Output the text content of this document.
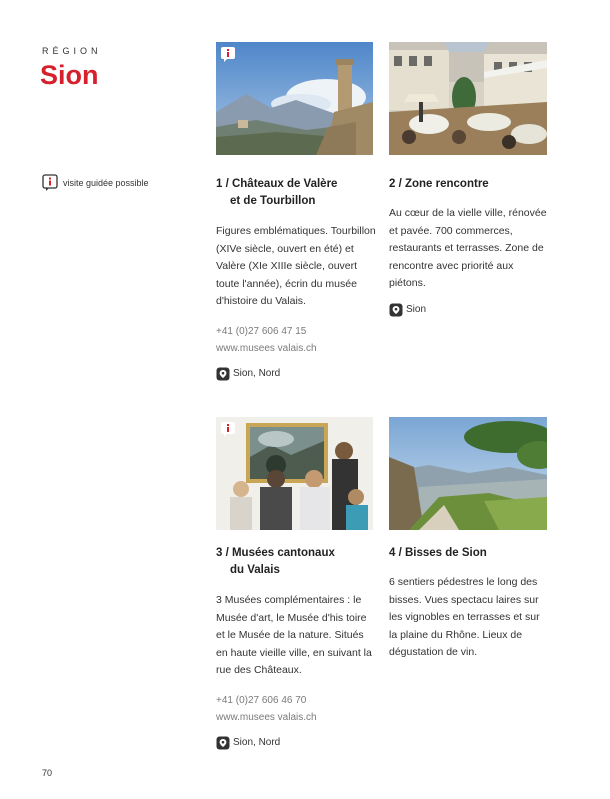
RÉGION
Sion
visite guidée possible	1 / Châteaux de Valère
et de Tourbillon
Figures emblématiques. Tourbillon (XIVe siècle, ouvert en été) et Valère (XIe XIIIe siècle, ouvert toute l'année), écrin du musée d'histoire du Valais.
+41 (0)27 606 47 15
www.musees valais.ch
Sion, Nord
2 / Zone rencontre
Au cœur de la vielle ville, rénovée et pavée. 700 commerces, restaurants et terrasses. Zone de rencontre avec priorité aux piétons.
Sion
3 / Musées cantonaux
du Valais
3 Musées complémentaires : le Musée d'art, le Musée d'his toire et le Musée de la nature. Situés en haute vieille ville, en suivant la rue des Châteaux.
+41 (0)27 606 46 70
www.musees valais.ch
Sion, Nord
4 / Bisses de Sion
6 sentiers pédestres le long des bisses. Vues spectacu laires sur les vignobles en terrasses et sur la plaine du Rhône. Lieux de dégustation de vin.
70
